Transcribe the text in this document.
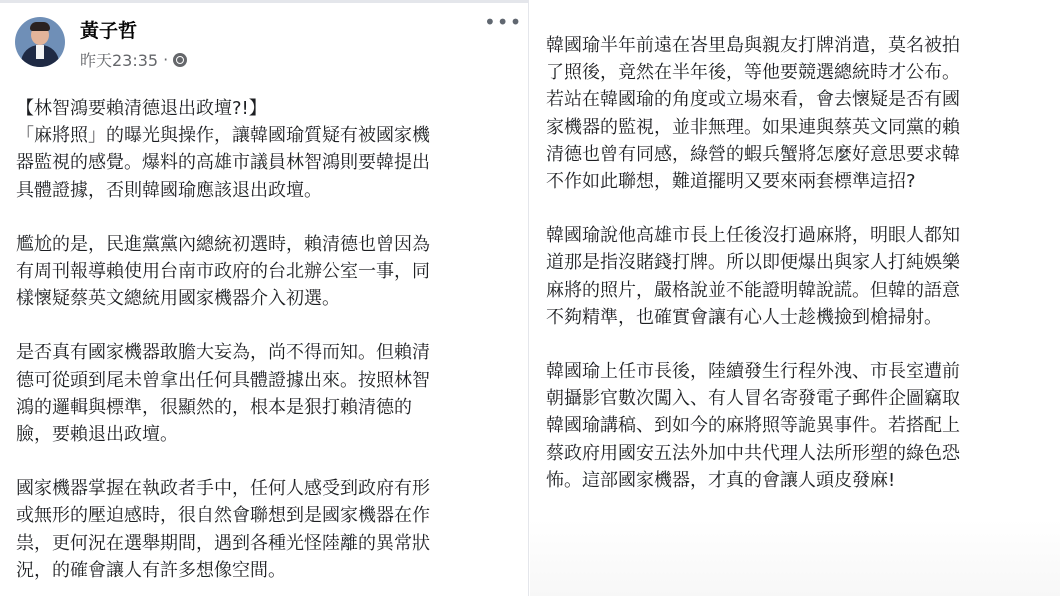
黃子哲
昨天23:35 ·
•••

【林智鴻要賴清德退出政壇?!】
「麻將照」的曝光與操作，讓韓國瑜質疑有被國家機
器監視的感覺。爆料的高雄市議員林智鴻則要韓提出
具體證據，否則韓國瑜應該退出政壇。

尷尬的是，民進黨黨內總統初選時，賴清德也曾因為
有周刊報導賴使用台南市政府的台北辦公室一事，同
樣懷疑蔡英文總統用國家機器介入初選。

是否真有國家機器敢膽大妄為，尚不得而知。但賴清
德可從頭到尾未曾拿出任何具體證據出來。按照林智
鴻的邏輯與標準，很顯然的，根本是狠打賴清德的
臉，要賴退出政壇。

國家機器掌握在執政者手中，任何人感受到政府有形
或無形的壓迫感時，很自然會聯想到是國家機器在作
祟，更何況在選舉期間，遇到各種光怪陸離的異常狀
況，的確會讓人有許多想像空間。

韓國瑜半年前遠在峇里島與親友打牌消遣，莫名被拍
了照後，竟然在半年後，等他要競選總統時才公布。
若站在韓國瑜的角度或立場來看，會去懷疑是否有國
家機器的監視，並非無理。如果連與蔡英文同黨的賴
清德也曾有同感，綠營的蝦兵蟹將怎麼好意思要求韓
不作如此聯想，難道擺明又要來兩套標準這招?

韓國瑜說他高雄市長上任後沒打過麻將，明眼人都知
道那是指沒賭錢打牌。所以即便爆出與家人打純娛樂
麻將的照片，嚴格說並不能證明韓說謊。但韓的語意
不夠精準，也確實會讓有心人士趁機撿到槍掃射。

韓國瑜上任市長後，陸續發生行程外洩、市長室遭前
朝攝影官數次闖入、有人冒名寄發電子郵件企圖竊取
韓國瑜講稿、到如今的麻將照等詭異事件。若搭配上
蔡政府用國安五法外加中共代理人法所形塑的綠色恐
怖。這部國家機器，才真的會讓人頭皮發麻!
